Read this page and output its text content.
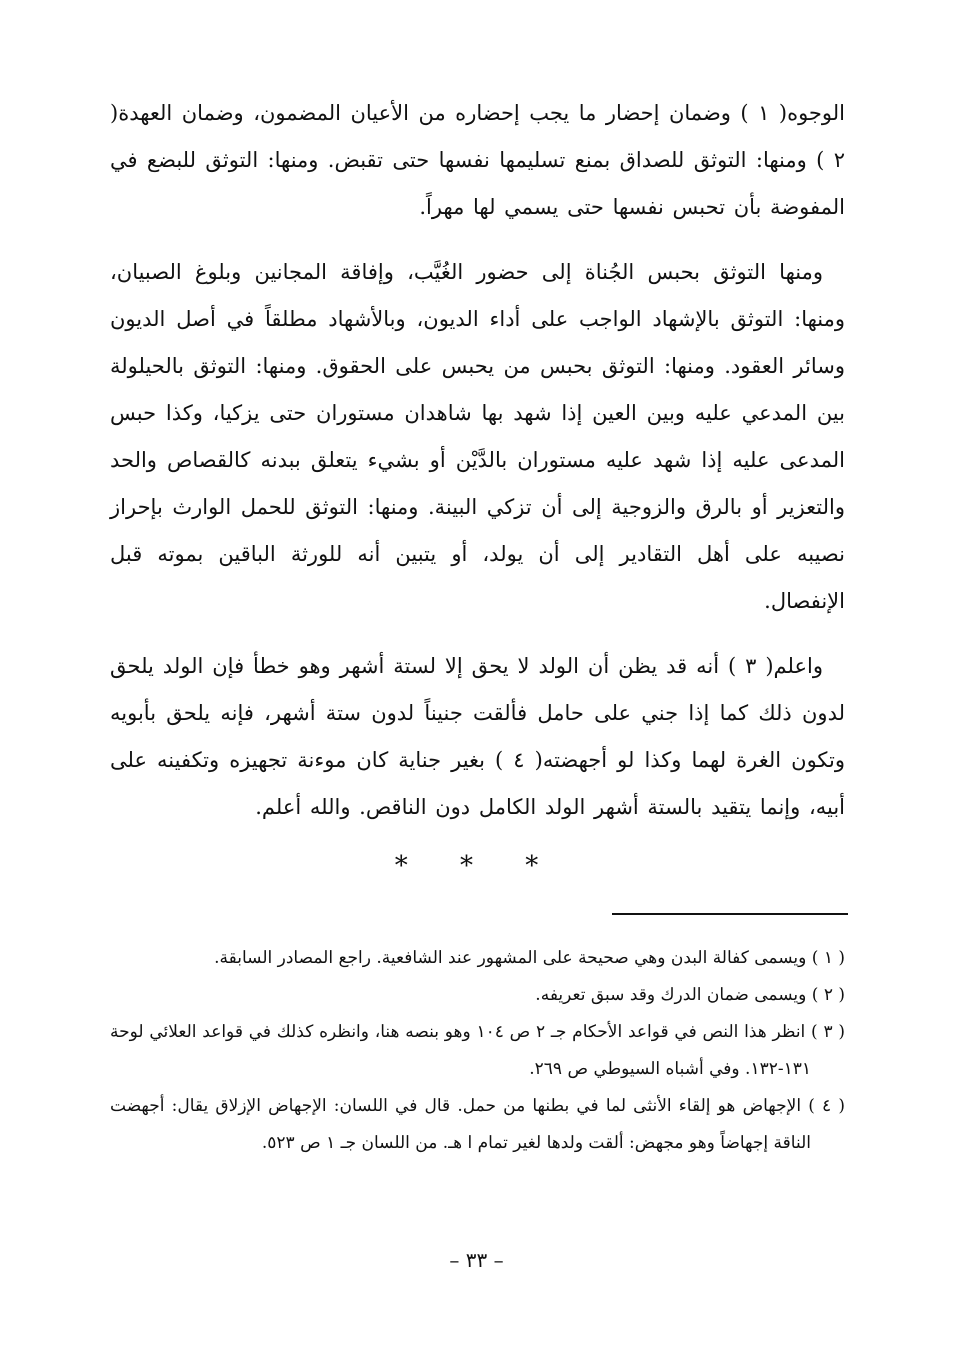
الوجوه( ١ ) وضمان إحضار ما يجب إحضاره من الأعيان المضمون، وضمان العهدة( ٢ ) ومنها: التوثق للصداق بمنع تسليمها نفسها حتى تقبض. ومنها: التوثق للبضع في المفوضة بأن تحبس نفسها حتى يسمي لها مهراً.

ومنها التوثق بحبس الجُناة إلى حضور الغُيَّب، وإفاقة المجانين وبلوغ الصبيان، ومنها: التوثق بالإشهاد الواجب على أداء الديون، وبالأشهاد مطلقاً في أصل الديون وسائر العقود. ومنها: التوثق بحبس من يحبس على الحقوق. ومنها: التوثق بالحيلولة بين المدعي عليه وبين العين إذا شهد بها شاهدان مستوران حتى يزكيا، وكذا حبس المدعى عليه إذا شهد عليه مستوران بالدَّيْن أو بشيء يتعلق ببدنه كالقصاص والحد والتعزير أو بالرق والزوجية إلى أن تزكي البينة. ومنها: التوثق للحمل الوارث بإحراز نصيبه على أهل التقادير إلى أن يولد، أو يتبين أنه للورثة الباقين بموته قبل الإنفصال.

واعلم( ٣ ) أنه قد يظن أن الولد لا يحق إلا لستة أشهر وهو خطأ فإن الولد يلحق لدون ذلك كما إذا جني على حامل فألقت جنيناً لدون ستة أشهر، فإنه يلحق بأبويه وتكون الغرة لهما وكذا لو أجهضته( ٤ ) بغير جناية كان موءنة تجهيزه وتكفينه على أبيه، وإنما يتقيد بالستة أشهر الولد الكامل دون الناقص. والله أعلم.

* * *

( ١ ) ويسمى كفالة البدن وهي صحيحة على المشهور عند الشافعية. راجع المصادر السابقة.

( ٢ ) ويسمى ضمان الدرك وقد سبق تعريفه.

( ٣ ) انظر هذا النص في قواعد الأحكام جـ ٢ ص ١٠٤ وهو بنصه هنا، وانظره كذلك في قواعد العلائي لوحة ١٣١-١٣٢. وفي أشباه السيوطي ص ٢٦٩.

( ٤ ) الإجهاض هو إلقاء الأنثى لما في بطنها من حمل. قال في اللسان: الإجهاض الإزلاق يقال: أجهضت الناقة إجهاضاً وهو مجهض: ألقت ولدها لغير تمام ا هـ. من اللسان جـ ١ ص ٥٢٣.

– ٣٣ –
